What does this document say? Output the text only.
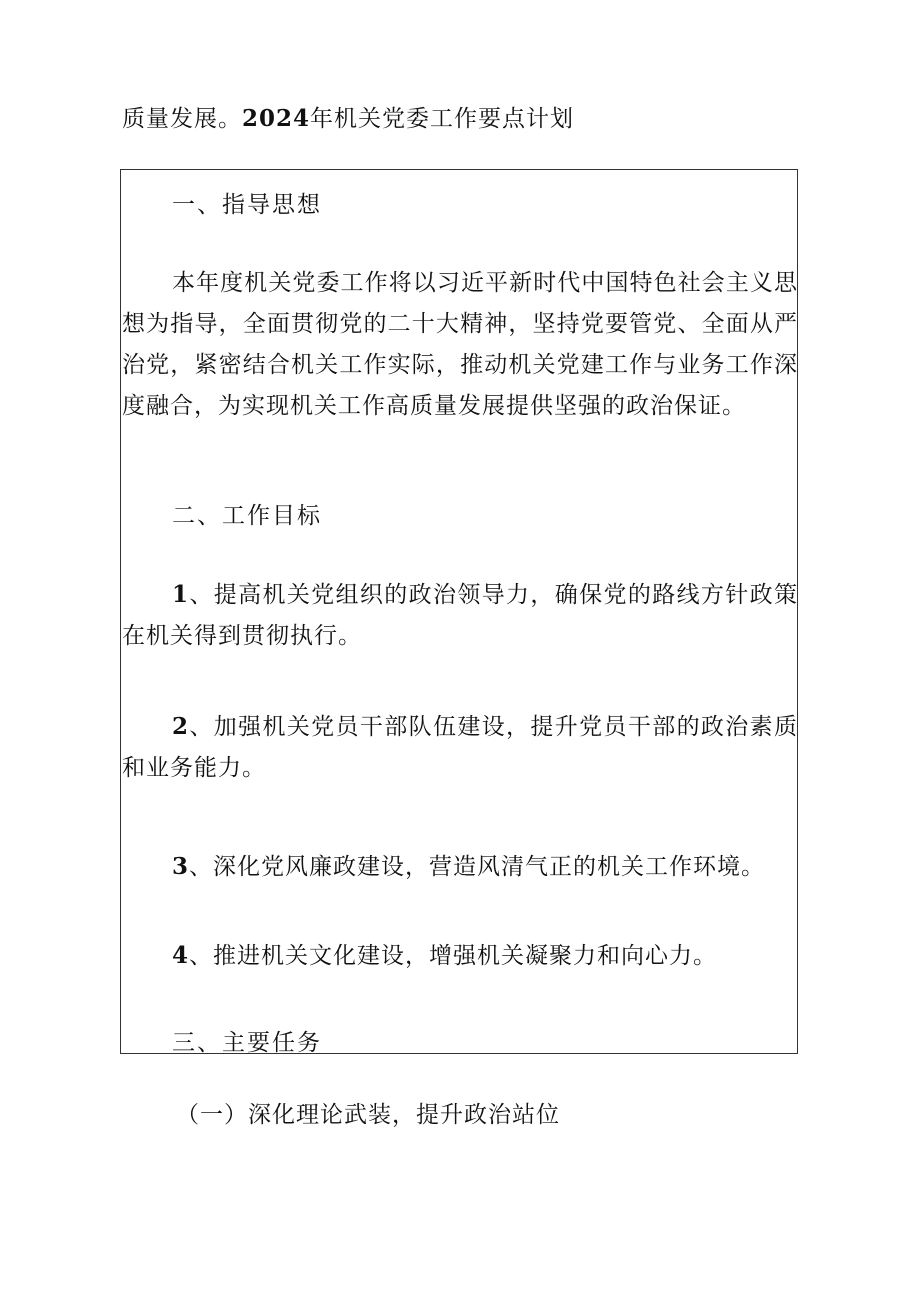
质量发展。2024年机关党委工作要点计划
一、指导思想
本年度机关党委工作将以习近平新时代中国特色社会主义思想为指导，全面贯彻党的二十大精神，坚持党要管党、全面从严治党，紧密结合机关工作实际，推动机关党建工作与业务工作深度融合，为实现机关工作高质量发展提供坚强的政治保证。
二、工作目标
1、提高机关党组织的政治领导力，确保党的路线方针政策在机关得到贯彻执行。
2、加强机关党员干部队伍建设，提升党员干部的政治素质和业务能力。
3、深化党风廉政建设，营造风清气正的机关工作环境。
4、推进机关文化建设，增强机关凝聚力和向心力。
三、主要任务
（一）深化理论武装，提升政治站位
